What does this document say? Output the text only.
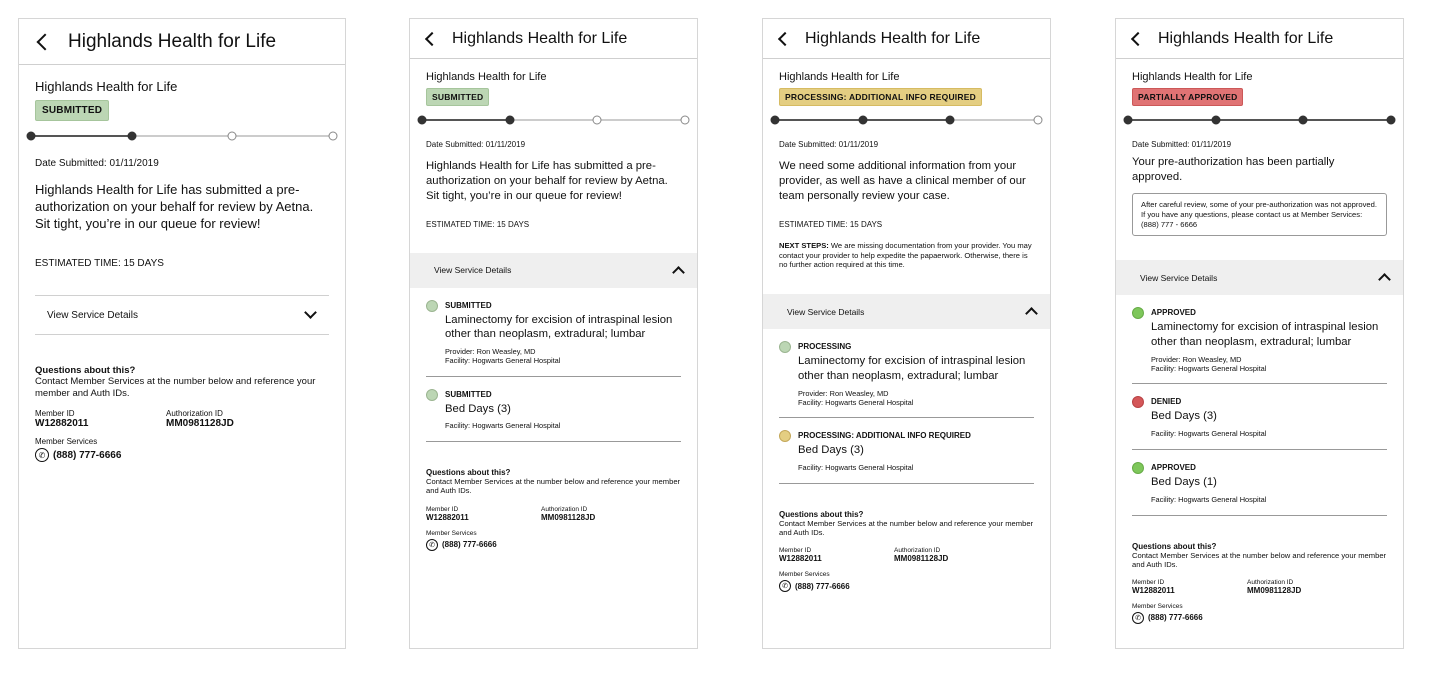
Highlands Health for Life
Highlands Health for Life
SUBMITTED
Date Submitted: 01/11/2019
Highlands Health for Life has submitted a pre-authorization on your behalf for review by Aetna. Sit tight, you’re in our queue for review!
ESTIMATED TIME: 15 DAYS
View Service Details
Questions about this?
Contact Member Services at the number below and reference your member and Auth IDs.
Member ID
W12882011
Authorization ID
MM0981128JD
Member Services
✆ (888) 777-6666
Highlands Health for Life
Highlands Health for Life
SUBMITTED
Date Submitted: 01/11/2019
Highlands Health for Life has submitted a pre-authorization on your behalf for review by Aetna. Sit tight, you’re in our queue for review!
ESTIMATED TIME: 15 DAYS
View Service Details
SUBMITTED
Laminectomy for excision of intraspinal lesion other than neoplasm, extradural; lumbar
Provider: Ron Weasley, MD
Facility: Hogwarts General Hospital
SUBMITTED
Bed Days (3)
Facility: Hogwarts General Hospital
Questions about this?
Contact Member Services at the number below and reference your member and Auth IDs.
Member ID
W12882011
Authorization ID
MM0981128JD
Member Services
✆ (888) 777-6666
Highlands Health for Life
Highlands Health for Life
PROCESSING: ADDITIONAL INFO REQUIRED
Date Submitted: 01/11/2019
We need some additional information from your provider, as well as have a clinical member of our team personally review your case.
ESTIMATED TIME: 15 DAYS
NEXT STEPS: We are missing documentation from your provider. You may contact your provider to help expedite the papaerwork. Otherwise, there is no further action required at this time.
View Service Details
PROCESSING
Laminectomy for excision of intraspinal lesion other than neoplasm, extradural; lumbar
Provider: Ron Weasley, MD
Facility: Hogwarts General Hospital
PROCESSING: ADDITIONAL INFO REQUIRED
Bed Days (3)
Facility: Hogwarts General Hospital
Questions about this?
Contact Member Services at the number below and reference your member and Auth IDs.
Member ID
W12882011
Authorization ID
MM0981128JD
Member Services
✆ (888) 777-6666
Highlands Health for Life
Highlands Health for Life
PARTIALLY APPROVED
Date Submitted: 01/11/2019
Your pre-authorization has been partially approved.
After careful review, some of your pre-authorization was not approved. If you have any questions, please contact us at Member Services: (888) 777 - 6666
View Service Details
APPROVED
Laminectomy for excision of intraspinal lesion other than neoplasm, extradural; lumbar
Provider: Ron Weasley, MD
Facility: Hogwarts General Hospital
DENIED
Bed Days (3)
Facility: Hogwarts General Hospital
APPROVED
Bed Days (1)
Facility: Hogwarts General Hospital
Questions about this?
Contact Member Services at the number below and reference your member and Auth IDs.
Member ID
W12882011
Authorization ID
MM0981128JD
Member Services
✆ (888) 777-6666
